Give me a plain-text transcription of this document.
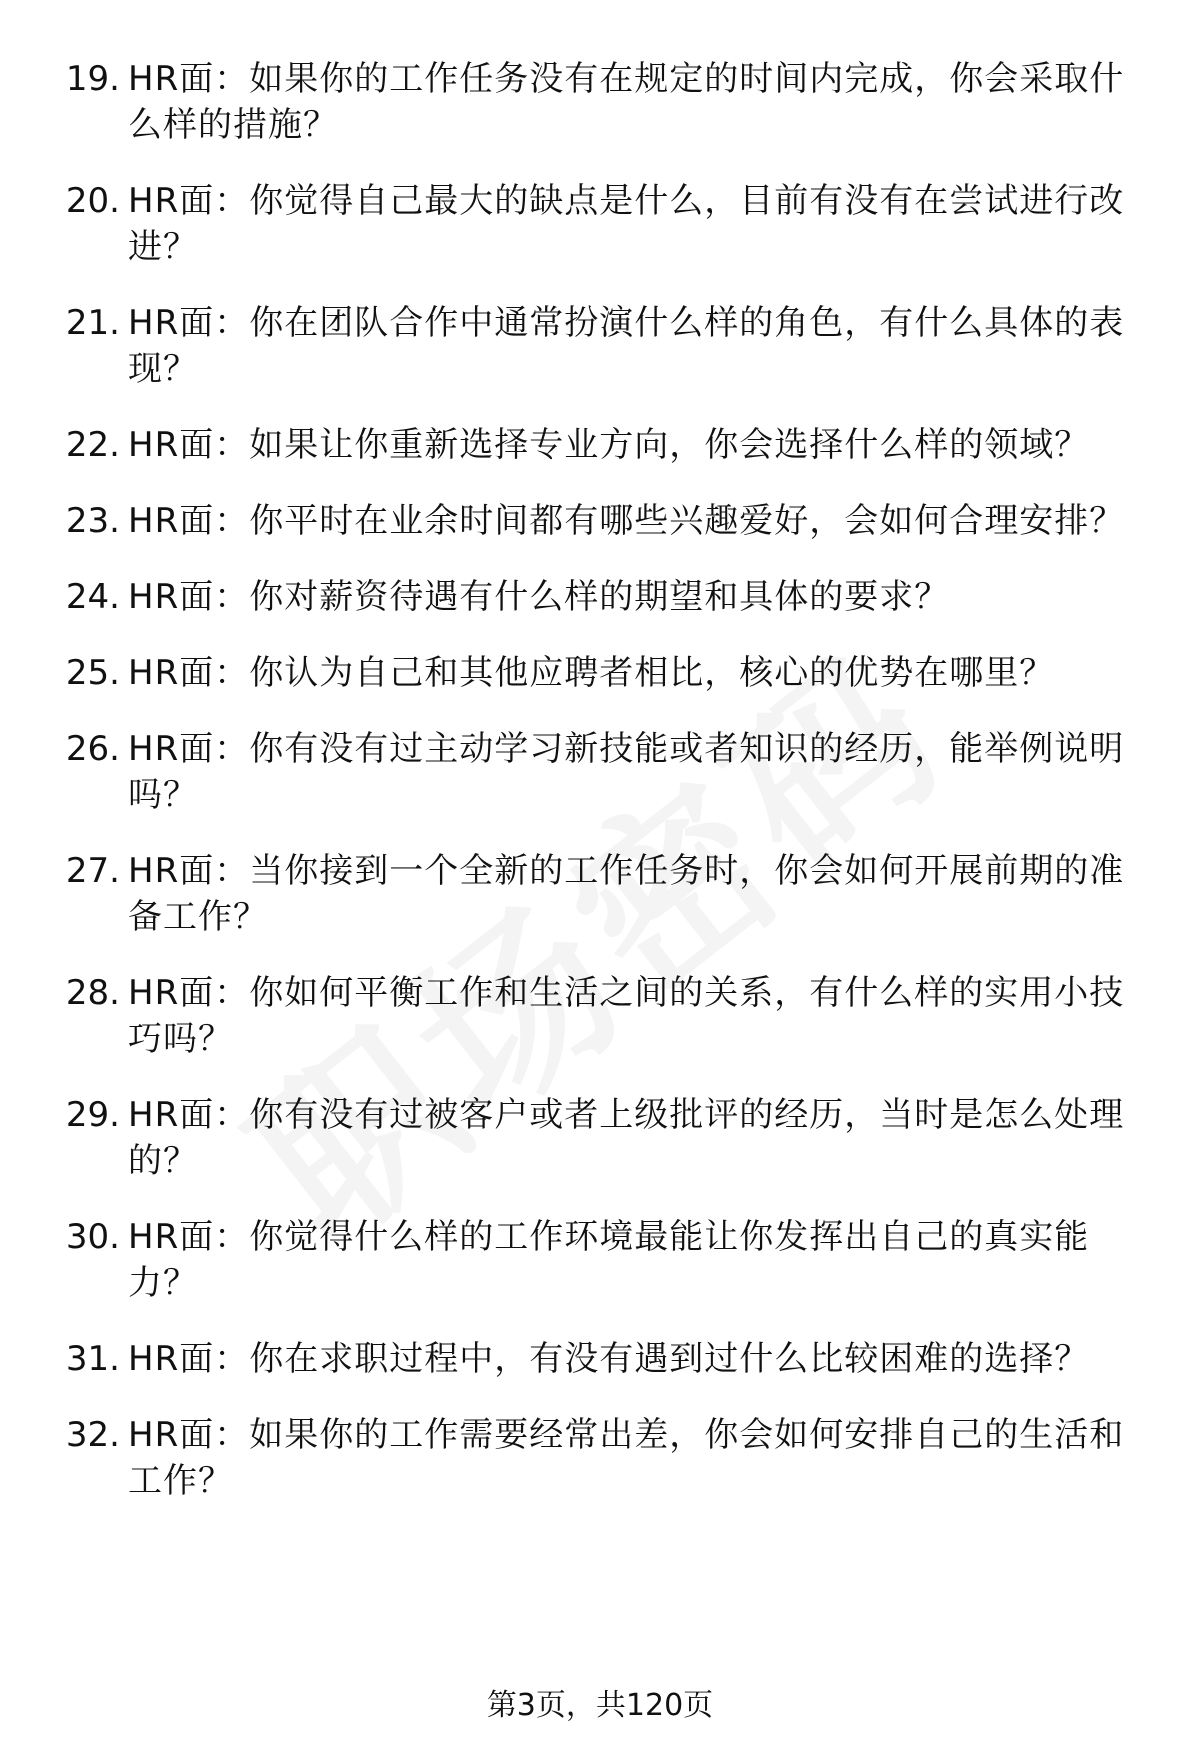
19. HR面：如果你的工作任务没有在规定的时间内完成，你会采取什么样的措施？
20. HR面：你觉得自己最大的缺点是什么，目前有没有在尝试进行改进？
21. HR面：你在团队合作中通常扮演什么样的角色，有什么具体的表现？
22. HR面：如果让你重新选择专业方向，你会选择什么样的领域？
23. HR面：你平时在业余时间都有哪些兴趣爱好，会如何合理安排？
24. HR面：你对薪资待遇有什么样的期望和具体的要求？
25. HR面：你认为自己和其他应聘者相比，核心的优势在哪里？
26. HR面：你有没有过主动学习新技能或者知识的经历，能举例说明吗？
27. HR面：当你接到一个全新的工作任务时，你会如何开展前期的准备工作？
28. HR面：你如何平衡工作和生活之间的关系，有什么样的实用小技巧吗？
29. HR面：你有没有过被客户或者上级批评的经历，当时是怎么处理的？
30. HR面：你觉得什么样的工作环境最能让你发挥出自己的真实能力？
31. HR面：你在求职过程中，有没有遇到过什么比较困难的选择？
32. HR面：如果你的工作需要经常出差，你会如何安排自己的生活和工作？
第3页，共120页
